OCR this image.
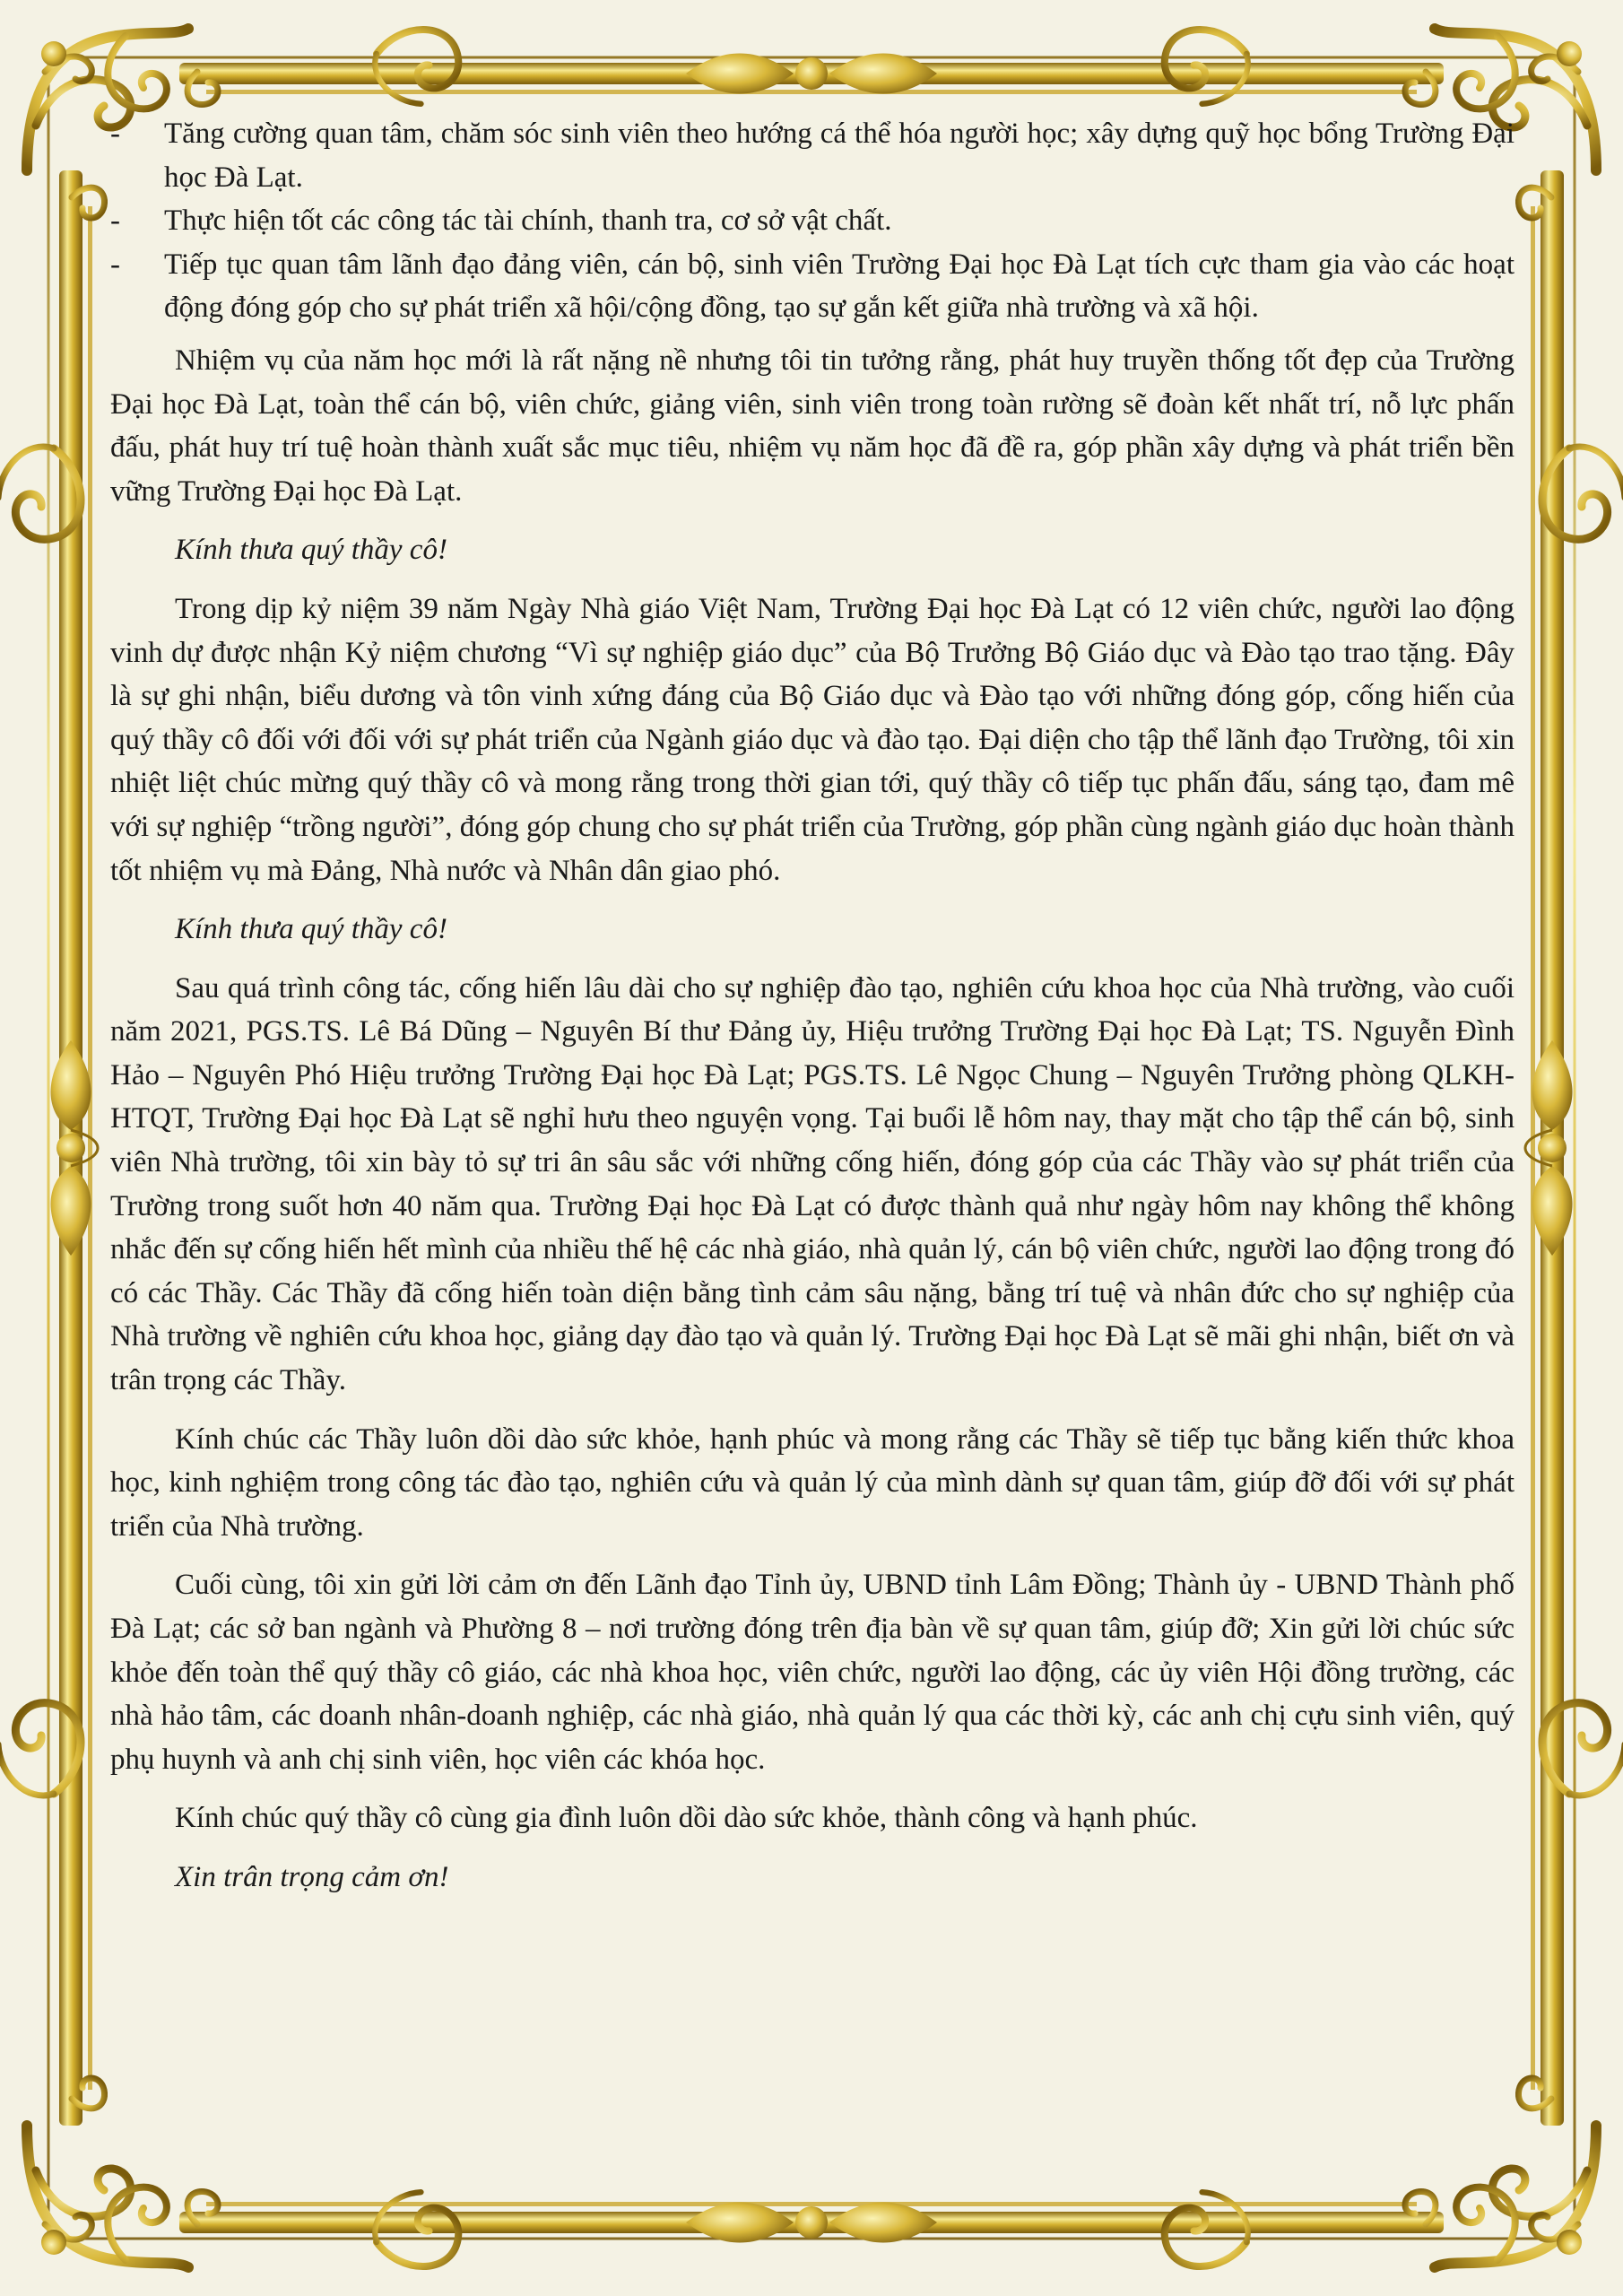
- Tăng cường quan tâm, chăm sóc sinh viên theo hướng cá thể hóa người học; xây dựng quỹ học bổng Trường Đại học Đà Lạt.
- Thực hiện tốt các công tác tài chính, thanh tra, cơ sở vật chất.
- Tiếp tục quan tâm lãnh đạo đảng viên, cán bộ, sinh viên Trường Đại học Đà Lạt tích cực tham gia vào các hoạt động đóng góp cho sự phát triển xã hội/cộng đồng, tạo sự gắn kết giữa nhà trường và xã hội.

Nhiệm vụ của năm học mới là rất nặng nề nhưng tôi tin tưởng rằng, phát huy truyền thống tốt đẹp của Trường Đại học Đà Lạt, toàn thể cán bộ, viên chức, giảng viên, sinh viên trong toàn rường sẽ đoàn kết nhất trí, nỗ lực phấn đấu, phát huy trí tuệ hoàn thành xuất sắc mục tiêu, nhiệm vụ năm học đã đề ra, góp phần xây dựng và phát triển bền vững Trường Đại học Đà Lạt.

Kính thưa quý thầy cô!

Trong dịp kỷ niệm 39 năm Ngày Nhà giáo Việt Nam, Trường Đại học Đà Lạt có 12 viên chức, người lao động vinh dự được nhận Kỷ niệm chương “Vì sự nghiệp giáo dục” của Bộ Trưởng Bộ Giáo dục và Đào tạo trao tặng. Đây là sự ghi nhận, biểu dương và tôn vinh xứng đáng của Bộ Giáo dục và Đào tạo với những đóng góp, cống hiến của quý thầy cô đối với đối với sự phát triển của Ngành giáo dục và đào tạo. Đại diện cho tập thể lãnh đạo Trường, tôi xin nhiệt liệt chúc mừng quý thầy cô và mong rằng trong thời gian tới, quý thầy cô tiếp tục phấn đấu, sáng tạo, đam mê với sự nghiệp “trồng người”, đóng góp chung cho sự phát triển của Trường, góp phần cùng ngành giáo dục hoàn thành tốt nhiệm vụ mà Đảng, Nhà nước và Nhân dân giao phó.

Kính thưa quý thầy cô!

Sau quá trình công tác, cống hiến lâu dài cho sự nghiệp đào tạo, nghiên cứu khoa học của Nhà trường, vào cuối năm 2021, PGS.TS. Lê Bá Dũng – Nguyên Bí thư Đảng ủy, Hiệu trưởng Trường Đại học Đà Lạt; TS. Nguyễn Đình Hảo – Nguyên Phó Hiệu trưởng Trường Đại học Đà Lạt; PGS.TS. Lê Ngọc Chung – Nguyên Trưởng phòng QLKH-HTQT, Trường Đại học Đà Lạt sẽ nghỉ hưu theo nguyện vọng. Tại buổi lễ hôm nay, thay mặt cho tập thể cán bộ, sinh viên Nhà trường, tôi xin bày tỏ sự tri ân sâu sắc với những cống hiến, đóng góp của các Thầy vào sự phát triển của Trường trong suốt hơn 40 năm qua. Trường Đại học Đà Lạt có được thành quả như ngày hôm nay không thể không nhắc đến sự cống hiến hết mình của nhiều thế hệ các nhà giáo, nhà quản lý, cán bộ viên chức, người lao động trong đó có các Thầy. Các Thầy đã cống hiến toàn diện bằng tình cảm sâu nặng, bằng trí tuệ và nhân đức cho sự nghiệp của Nhà trường về nghiên cứu khoa học, giảng dạy đào tạo và quản lý. Trường Đại học Đà Lạt sẽ mãi ghi nhận, biết ơn và trân trọng các Thầy.

Kính chúc các Thầy luôn dồi dào sức khỏe, hạnh phúc và mong rằng các Thầy sẽ tiếp tục bằng kiến thức khoa học, kinh nghiệm trong công tác đào tạo, nghiên cứu và quản lý của mình dành sự quan tâm, giúp đỡ đối với sự phát triển của Nhà trường.

Cuối cùng, tôi xin gửi lời cảm ơn đến Lãnh đạo Tỉnh ủy, UBND tỉnh Lâm Đồng; Thành ủy - UBND Thành phố Đà Lạt; các sở ban ngành và Phường 8 – nơi trường đóng trên địa bàn về sự quan tâm, giúp đỡ; Xin gửi lời chúc sức khỏe đến toàn thể quý thầy cô giáo, các nhà khoa học, viên chức, người lao động, các ủy viên Hội đồng trường, các nhà hảo tâm, các doanh nhân-doanh nghiệp, các nhà giáo, nhà quản lý qua các thời kỳ, các anh chị cựu sinh viên, quý phụ huynh và anh chị sinh viên, học viên các khóa học.

Kính chúc quý thầy cô cùng gia đình luôn dồi dào sức khỏe, thành công và hạnh phúc.

Xin trân trọng cảm ơn!
